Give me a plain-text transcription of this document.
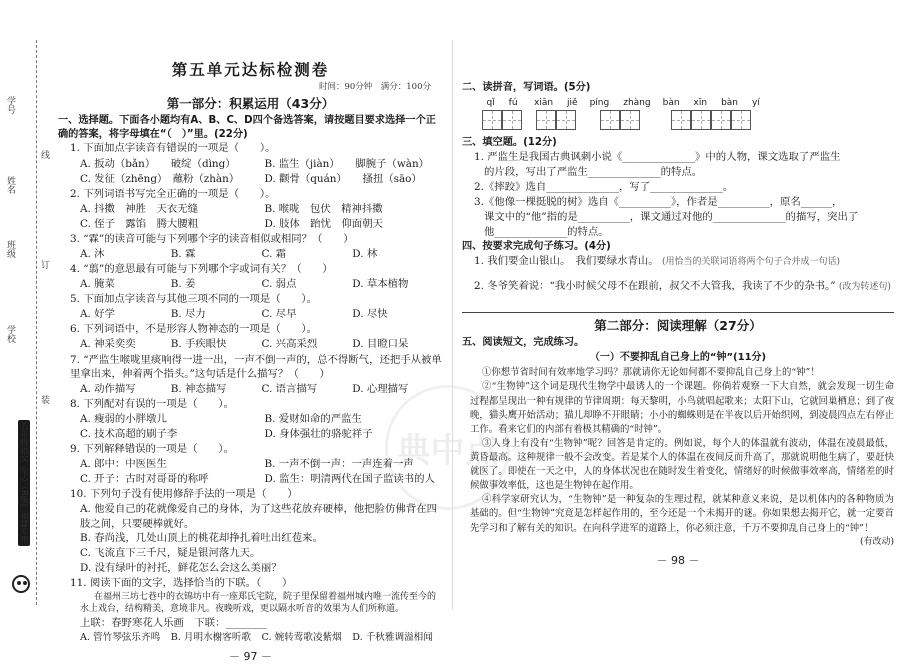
学号
姓名
班级
学校
线
订
装
五年级语文（下）（R版）福建专用	典中点
第五单元达标检测卷
时间：90分钟　满分：100分
第一部分：积累运用（43分）
一、选择题。下面各小题均有A、B、C、D四个备选答案，请按题目要求选择一个正确的答案，将字母填在“（　）”里。(22分)
1. 下面加点字读音有错误的一项是（　　）。
A. 扳动（bǎn）　　破绽（dìng）	B. 监生（jiàn）　　脚腕子（wàn）
C. 发征（zhēng）　蘸粉（zhàn）	D. 颧骨（quán）　　搔扭（sāo）
2. 下列词语书写完全正确的一项是（　　）。
A. 抖擞　神胜　天衣无缝	B. 喉咙　包伏　精神抖擞
C. 侄子　露馅　腾大腰粗	D. 肢体　跆忧　仰面朝天
3. “霖”的读音可能与下列哪个字的读音相似或相同？（　　）
A. 沐	B. 霖	C. 霜	D. 林
4. “翦”的意思最有可能与下列哪个字或词有关？（　　）
A. 腌菜	B. 姜	C. 弱点	D. 草本植物
5. 下面加点字读音与其他三项不同的一项是（　　）。
A. 好学	B. 尽力	C. 尽早	D. 尽快
6. 下列词语中，不是形容人物神态的一项是（　　）。
A. 神采奕奕	B. 手疾眼快	C. 兴高采烈	D. 目瞪口呆
7. “严监生喉咙里痰响得一进一出，一声不倒一声的，总不得断气，还把手从被单里拿出来，伸着两个指头。”这句话是什么描写？（　　）
A. 动作描写	B. 神态描写	C. 语言描写	D. 心理描写
8. 下列配对有误的一项是（　　）。
A. 瘦弱的小胖墩儿	B. 爱财如命的严监生
C. 技术高超的刷子李	D. 身体强壮的骆驼祥子
9. 下列解释错误的一项是（　　）。
A. 郎中：中医医生	B. 一声不倒一声：一声连着一声
C. 开子：古时对哥哥的称呼	D. 监生：明清两代在国子监读书的人
10. 下列句子没有使用修辞手法的一项是（　　）
A. 他爱自己的花就像爱自己的身体，为了这些花放弃硬棒，他把脸仿佛背在四肢之间，只要硬棒就好。
B. 春尚浅，几处山顶上的桃花却挣扎着吐出红苞来。
C. 飞流直下三千尺，疑是银河落九天。
D. 没有绿叶的衬托，鲜花怎么会这么美丽？
11. 阅读下面的文字，选择恰当的下联。（　　）
在福州三坊七巷中的衣锦坊中有一座郑氏宅院，院子里保留着福州城内唯一流传至今的水上戏台，结构精美，意境非凡。夜晚听戏，更以隔水听音的效果为人们所称道。
上联：春野寒花人乐画　下联：________
A. 管竹琴弦乐齐鸣	B. 月明水榭客听歌	C. 婉转莺歌凌紫烟	D. 千秋雅调溢相闻
－ 97 －
二、读拼音，写词语。(5分)
qǐ fú xiān jiě píng zhàng bàn xīn bàn yí
三、填空题。(12分)
1. 严监生是我国古典讽刺小说《______________》中的人物，课文选取了严监生
的片段，写出了严监生______________的特点。
2.《摔跤》选自______________，写了______________。
3.《他像一棵挺脱的树》选自《__________》，作者是__________，原名______，
课文中的“他”指的是__________，课文通过对他的______________的描写，突出了
他______________的特点。
四、按要求完成句子练习。(4分)
1. 我们要金山银山。　我们要绿水青山。 (用恰当的关联词语将两个句子合并成一句话)
2. 冬爷笑着说：“我小时候父母不在跟前，叔父不大管我，我读了不少的杂书。” (改为转述句)
第二部分：阅读理解（27分）
五、阅读短文，完成练习。
（一）不要抑乱自己身上的“钟”(11分)
①你想节省时间有效率地学习吗？那就请你无论如何都不要抑乱自己身上的“钟”！
②“生物钟”这个词是现代生物学中最诱人的一个课题。你倘若观察一下大自然，就会发现一切生命过程都呈现出一种有规律的节律周期：每天黎明，小鸟就唱起歌来；太阳下山，它就回巢栖息；到了夜晚，猫头鹰开始活动；猫儿却睁不开眼睛；小小的蜘蛛则是在半夜以后开始织网，到凌晨四点左右停止工作。看来它们的内部有着极其精确的“时钟”。
③人身上有没有“生物钟”呢？回答是肯定的。例如说，每个人的体温就有波动，体温在凌晨最低，黄昏最高。这种规律一般不会改变。若是某个人的体温在夜间反而升高了，那就说明他生病了，要赶快就医了。即使在一天之中，人的身体状况也在随时发生着变化，情绪好的时候做事效率高，情绪差的时候做事效率低，这也是生物钟在起作用。
④科学家研究认为，“生物钟”是一种复杂的生理过程，就某种意义来说，是以机体内的各种物质为基础的。但“生物钟”究竟是怎样起作用的，至今还是一个未揭开的谜。你如果想去揭开它，就一定要首先学习和了解有关的知识。在向科学进军的道路上，你必须注意，千万不要抑乱自己身上的“钟”！
(有改动)
－ 98 －
